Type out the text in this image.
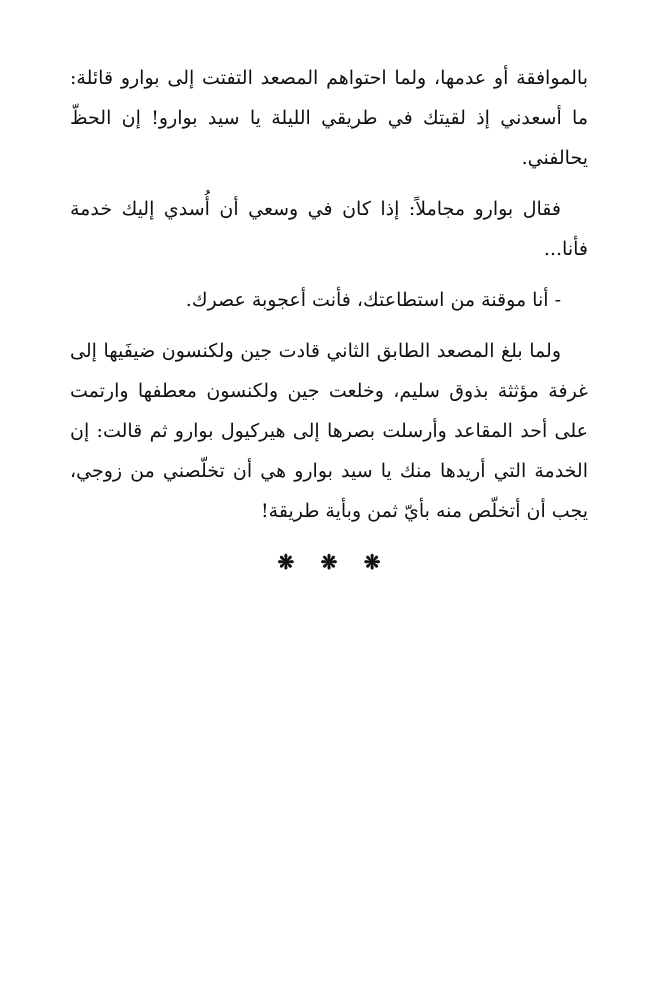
بالموافقة أو عدمها، ولما احتواهم المصعد التفتت إلى بوارو قائلة: ما أسعدني إذ لقيتك في طريقي الليلة يا سيد بوارو! إن الحظّ يحالفني.

فقال بوارو مجاملاً: إذا كان في وسعي أن أُسدي إليك خدمة فأنا...

- أنا موقنة من استطاعتك، فأنت أعجوبة عصرك.

ولما بلغ المصعد الطابق الثاني قادت جين ولكنسون ضيفَيها إلى غرفة مؤثثة بذوق سليم، وخلعت جين ولكنسون معطفها وارتمت على أحد المقاعد وأرسلت بصرها إلى هيركيول بوارو ثم قالت: إن الخدمة التي أريدها منك يا سيد بوارو هي أن تخلّصني من زوجي، يجب أن أتخلّص منه بأيّ ثمن وبأية طريقة!

❋ ❋ ❋
